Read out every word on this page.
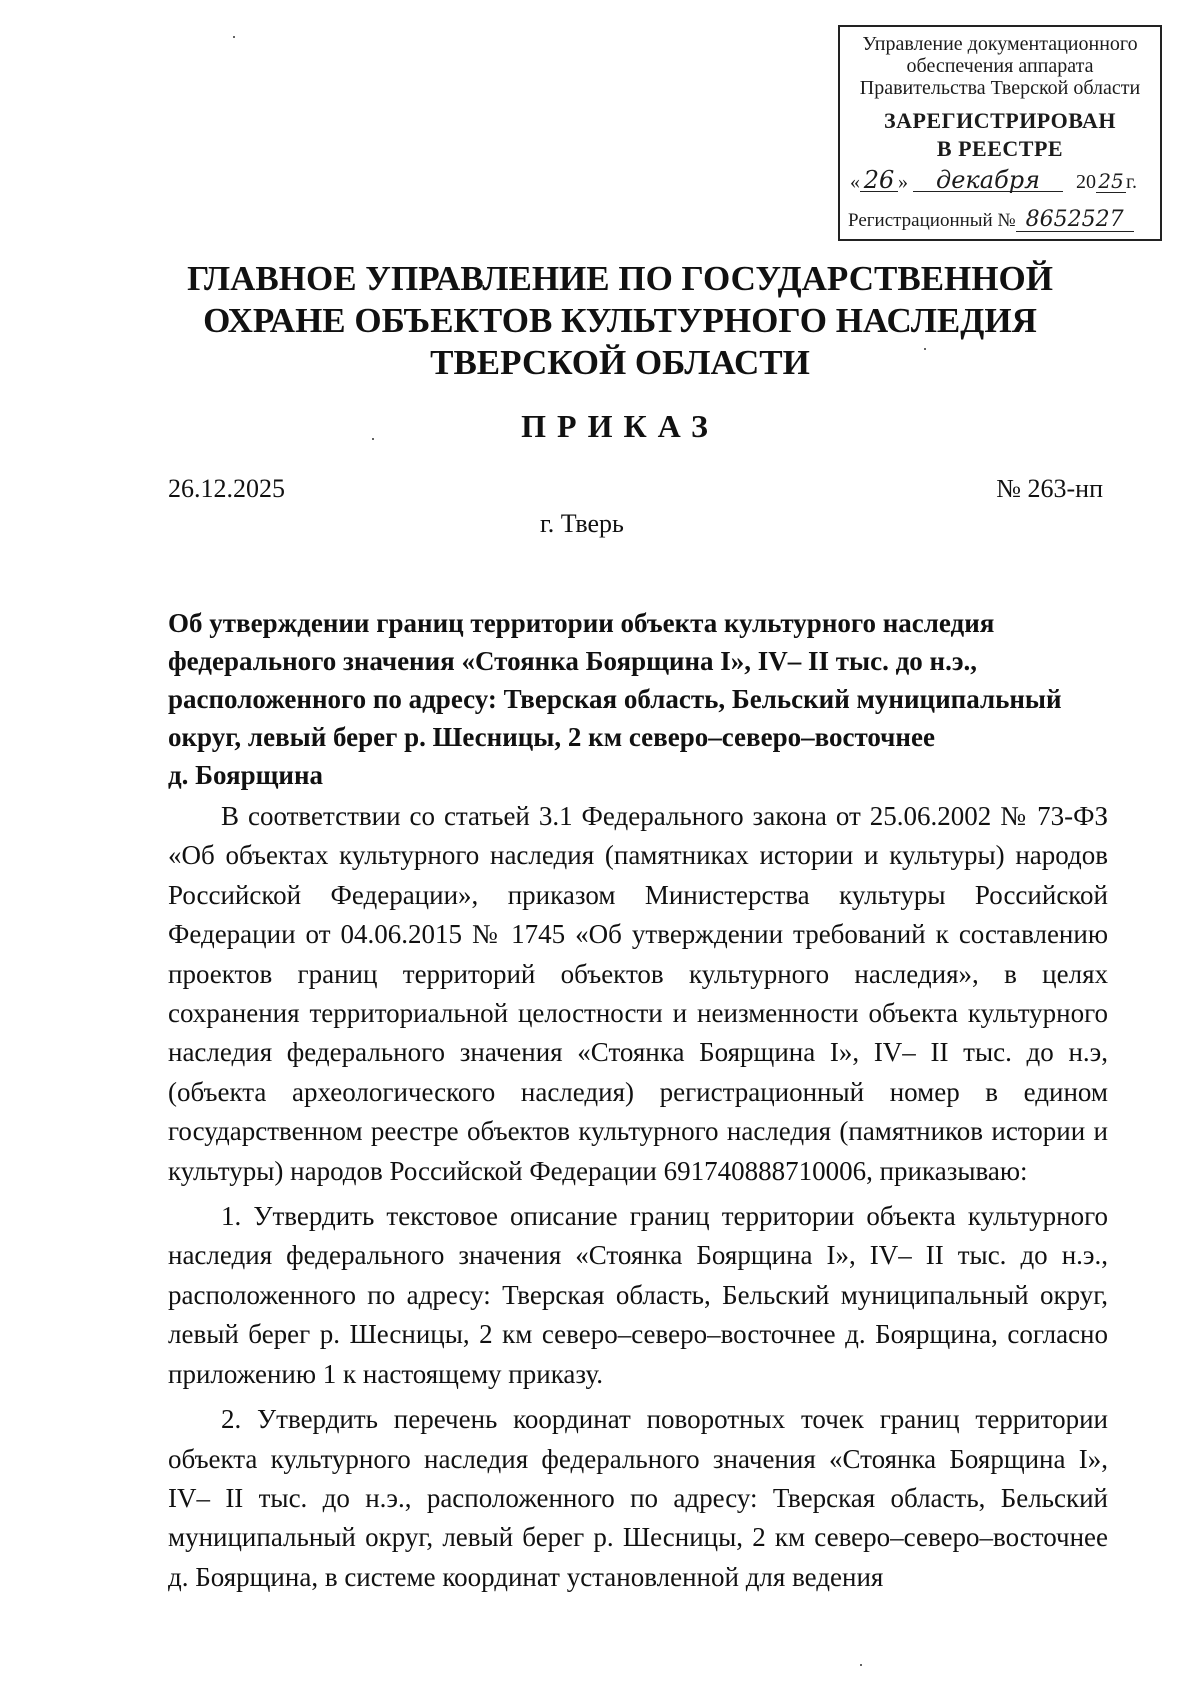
Управление документационного
обеспечения аппарата
Правительства Тверской области
ЗАРЕГИСТРИРОВАН
В РЕЕСТРЕ
« 26 » декабря 20 25 г.
Регистрационный № 8652527
ГЛАВНОЕ УПРАВЛЕНИЕ ПО ГОСУДАРСТВЕННОЙ
ОХРАНЕ ОБЪЕКТОВ КУЛЬТУРНОГО НАСЛЕДИЯ
ТВЕРСКОЙ ОБЛАСТИ
ПРИКАЗ
26.12.2025	№ 263-нп
г. Тверь
Об утверждении границ территории объекта культурного наследия
федерального значения «Стоянка Боярщина I», IV– II тыс. до н.э.,
расположенного по адресу: Тверская область, Бельский муниципальный
округ, левый берег р. Шесницы, 2 км северо–северо–восточнее
д. Боярщина

В соответствии со статьей 3.1 Федерального закона от 25.06.2002 № 73-ФЗ «Об объектах культурного наследия (памятниках истории и культуры) народов Российской Федерации», приказом Министерства культуры Российской Федерации от 04.06.2015 № 1745 «Об утверждении требований к составлению проектов границ территорий объектов культурного наследия», в целях сохранения территориальной целостности и неизменности объекта культурного наследия федерального значения «Стоянка Боярщина I», IV– II тыс. до н.э, (объекта археологического наследия) регистрационный номер в едином государственном реестре объектов культурного наследия (памятников истории и культуры) народов Российской Федерации 691740888710006, приказываю:

1. Утвердить текстовое описание границ территории объекта культурного наследия федерального значения «Стоянка Боярщина I», IV– II тыс. до н.э., расположенного по адресу: Тверская область, Бельский муниципальный округ, левый берег р. Шесницы, 2 км северо–северо–восточнее д. Боярщина, согласно приложению 1 к настоящему приказу.

2. Утвердить перечень координат поворотных точек границ территории объекта культурного наследия федерального значения «Стоянка Боярщина I», IV– II тыс. до н.э., расположенного по адресу: Тверская область, Бельский муниципальный округ, левый берег р. Шесницы, 2 км северо–северо–восточнее д. Боярщина, в системе координат установленной для ведения
